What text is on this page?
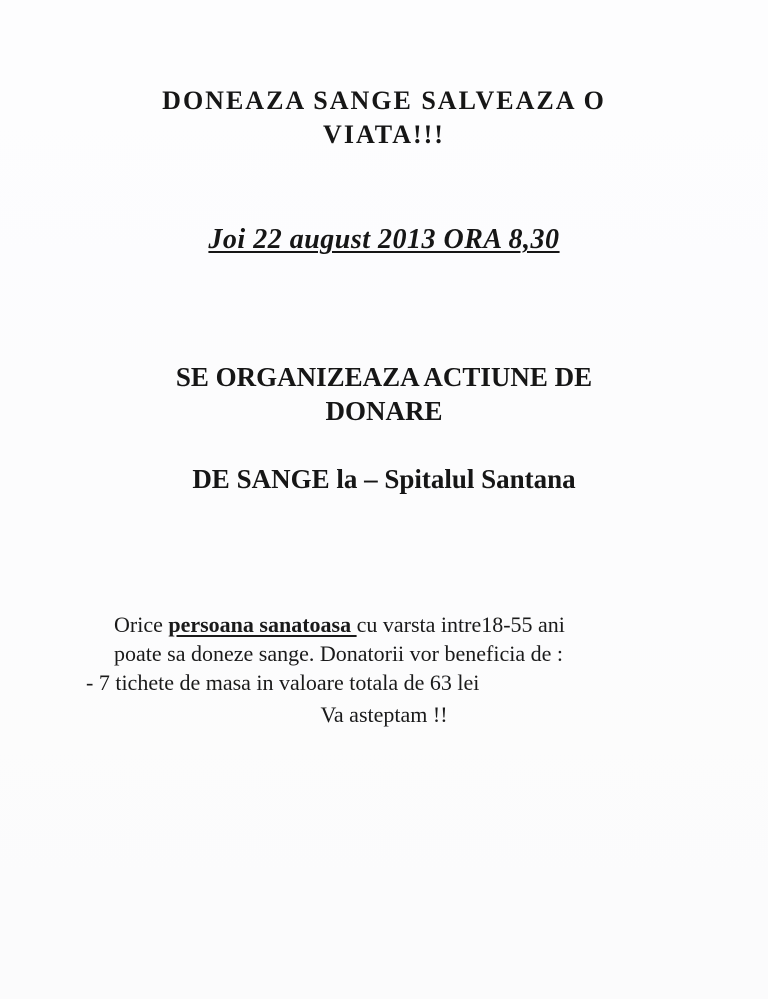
DONEAZA SANGE SALVEAZA O
VIATA!!!
Joi 22 august 2013 ORA 8,30
SE ORGANIZEAZA ACTIUNE DE
DONARE
DE SANGE la – Spitalul Santana
Orice persoana sanatoasa cu varsta intre18-55 ani
poate sa doneze sange. Donatorii vor beneficia de :
- 7 tichete de masa in valoare totala de 63 lei
Va asteptam !!
